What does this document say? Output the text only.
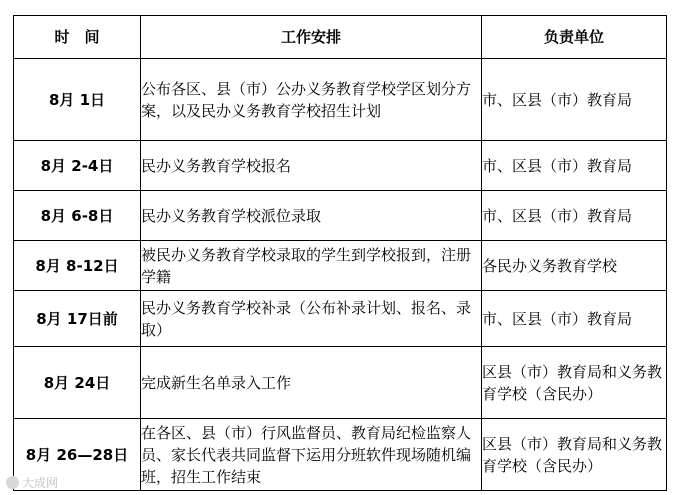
时　间	工作安排	负责单位
8月 1日	公布各区、县（市）公办义务教育学校学区划分方案，以及民办义务教育学校招生计划	市、区县（市）教育局
8月 2-4日	民办义务教育学校报名	市、区县（市）教育局
8月 6-8日	民办义务教育学校派位录取	市、区县（市）教育局
8月 8-12日	被民办义务教育学校录取的学生到学校报到，注册学籍	各民办义务教育学校
8月 17日前	民办义务教育学校补录（公布补录计划、报名、录取）	市、区县（市）教育局
8月 24日	完成新生名单录入工作	区县（市）教育局和义务教育学校（含民办）
8月 26—28日	在各区、县（市）行风监督员、教育局纪检监察人员、家长代表共同监督下运用分班软件现场随机编班，招生工作结束	区县（市）教育局和义务教育学校（含民办）
大成网
